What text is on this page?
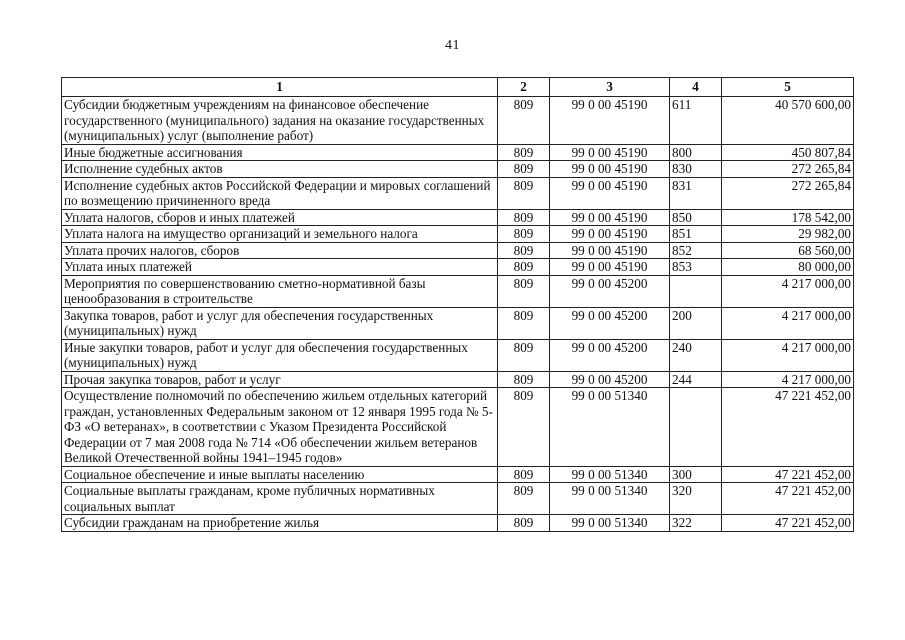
41
1	2	3	4	5
Субсидии бюджетным учреждениям на финансовое обеспечение государственного (муниципального) задания на оказание государственных (муниципальных) услуг (выполнение работ)	809	99 0 00 45190	611	40 570 600,00
Иные бюджетные ассигнования	809	99 0 00 45190	800	450 807,84
Исполнение судебных актов	809	99 0 00 45190	830	272 265,84
Исполнение судебных актов Российской Федерации и мировых соглашений по возмещению причиненного вреда	809	99 0 00 45190	831	272 265,84
Уплата налогов, сборов и иных платежей	809	99 0 00 45190	850	178 542,00
Уплата налога на имущество организаций и земельного налога	809	99 0 00 45190	851	29 982,00
Уплата прочих налогов, сборов	809	99 0 00 45190	852	68 560,00
Уплата иных платежей	809	99 0 00 45190	853	80 000,00
Мероприятия по совершенствованию сметно-нормативной базы ценообразования в строительстве	809	99 0 00 45200		4 217 000,00
Закупка товаров, работ и услуг для обеспечения государственных (муниципальных) нужд	809	99 0 00 45200	200	4 217 000,00
Иные закупки товаров, работ и услуг для обеспечения государственных (муниципальных) нужд	809	99 0 00 45200	240	4 217 000,00
Прочая закупка товаров, работ и услуг	809	99 0 00 45200	244	4 217 000,00
Осуществление полномочий по обеспечению жильем отдельных категорий граждан, установленных Федеральным законом от 12 января 1995 года № 5-ФЗ «О ветеранах», в соответствии с Указом Президента Российской Федерации от 7 мая 2008 года № 714 «Об обеспечении жильем ветеранов Великой Отечественной войны 1941–1945 годов»	809	99 0 00 51340		47 221 452,00
Социальное обеспечение и иные выплаты населению	809	99 0 00 51340	300	47 221 452,00
Социальные выплаты гражданам, кроме публичных нормативных социальных выплат	809	99 0 00 51340	320	47 221 452,00
Субсидии гражданам на приобретение жилья	809	99 0 00 51340	322	47 221 452,00
